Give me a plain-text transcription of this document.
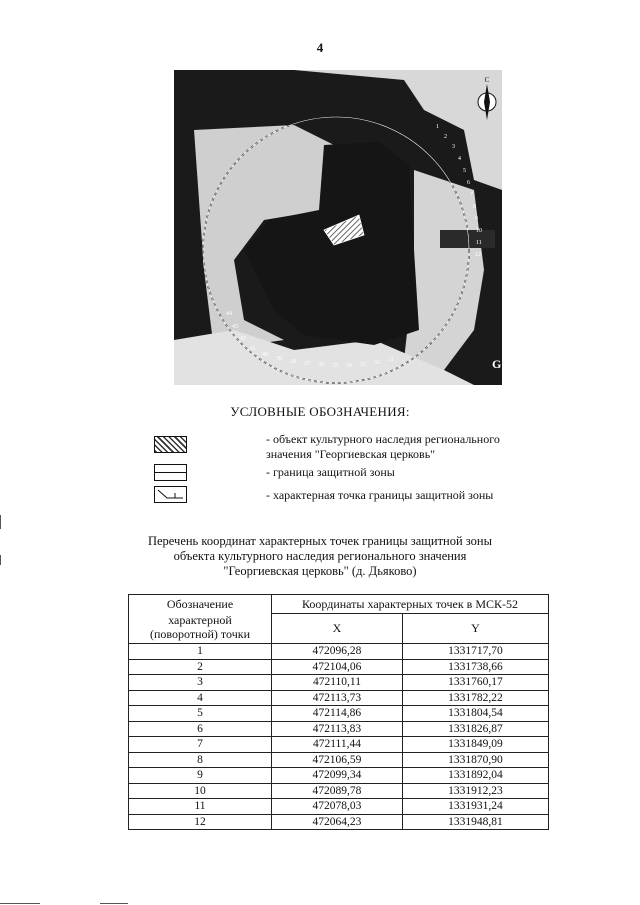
4
С
G
1
2
3
4
5
6
7
8
9
10
11
12
40
39 38 37 36 35 34 33 32 31
44
43
42
41
УСЛОВНЫЕ ОБОЗНАЧЕНИЯ:
- объект культурного наследия регионального
значения "Георгиевская церковь"
- граница защитной зоны
- характерная точка границы защитной зоны
Перечень координат характерных точек границы защитной зоны
объекта культурного наследия регионального значения
"Георгиевская церковь" (д. Дьяково)
Обозначение
характерной
(поворотной) точки	Координаты характерных точек в МСК-52	
	X	Y
1	472096,28	1331717,70
2	472104,06	1331738,66
3	472110,11	1331760,17
4	472113,73	1331782,22
5	472114,86	1331804,54
6	472113,83	1331826,87
7	472111,44	1331849,09
8	472106,59	1331870,90
9	472099,34	1331892,04
10	472089,78	1331912,23
11	472078,03	1331931,24
12	472064,23	1331948,81
